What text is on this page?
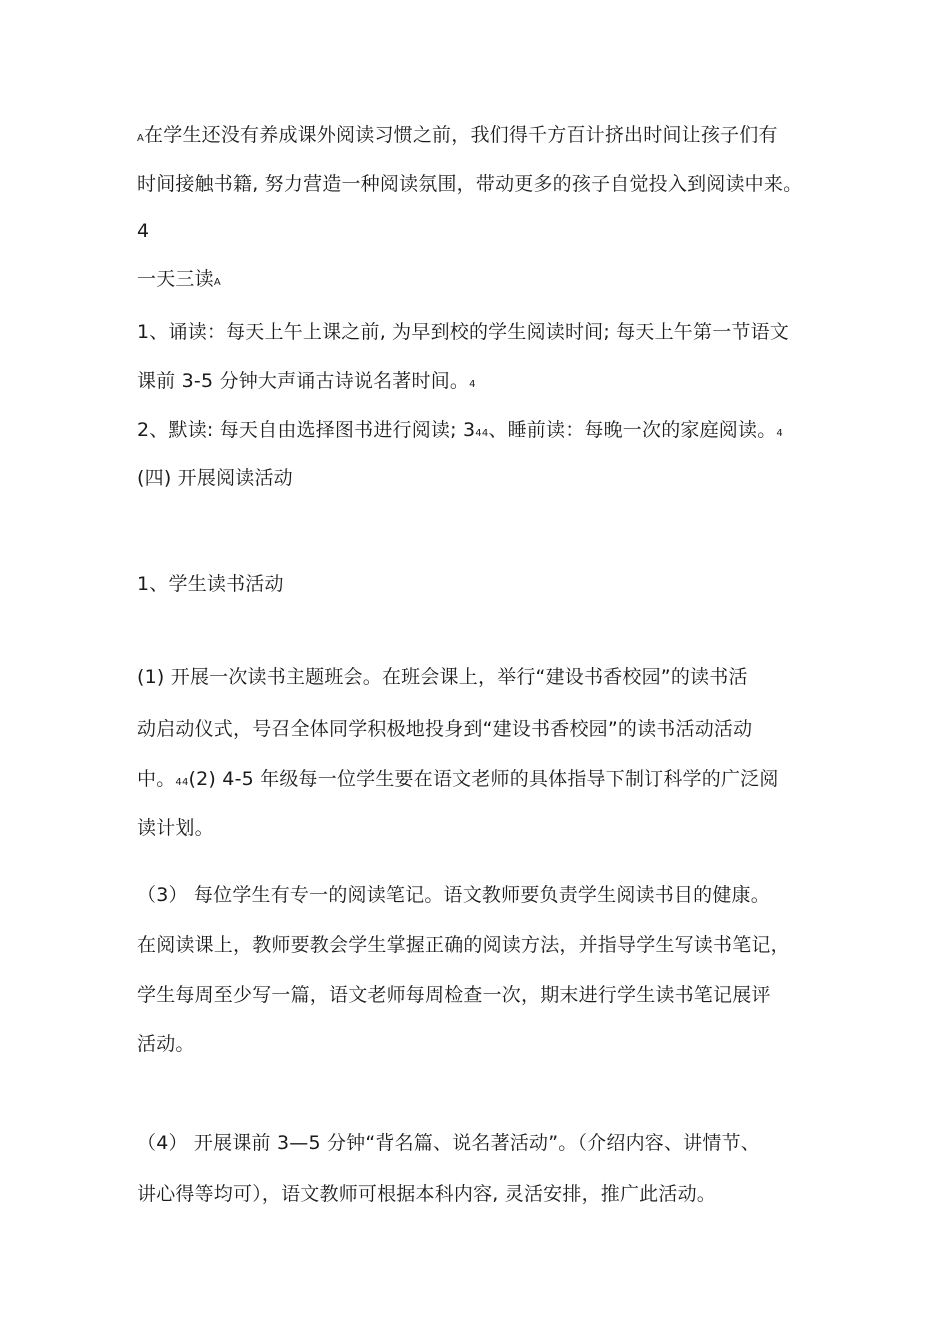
A在学生还没有养成课外阅读习惯之前，我们得千方百计挤出时间让孩子们有
时间接触书籍, 努力营造一种阅读氛围，带动更多的孩子自觉投入到阅读中来。
4
一天三读A
1、诵读：每天上午上课之前, 为早到校的学生阅读时间; 每天上午第一节语文
课前 3-5 分钟大声诵古诗说名著时间。4
2、默读: 每天自由选择图书进行阅读; 344、睡前读：每晚一次的家庭阅读。4
(四) 开展阅读活动
1、学生读书活动
(1) 开展一次读书主题班会。在班会课上，举行“建设书香校园”的读书活
动启动仪式，号召全体同学积极地投身到“建设书香校园”的读书活动活动
中。44(2) 4-5 年级每一位学生要在语文老师的具体指导下制订科学的广泛阅
读计划。
（3） 每位学生有专一的阅读笔记。语文教师要负责学生阅读书目的健康。
在阅读课上，教师要教会学生掌握正确的阅读方法，并指导学生写读书笔记，
学生每周至少写一篇，语文老师每周检查一次，期末进行学生读书笔记展评
活动。
（4） 开展课前 3—5 分钟“背名篇、说名著活动”。（介绍内容、讲情节、
讲心得等均可），语文教师可根据本科内容, 灵活安排，推广此活动。
